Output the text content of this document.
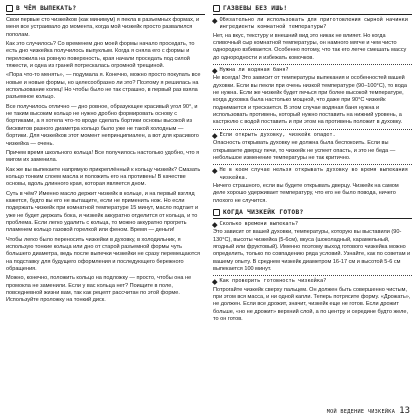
В ЧЁМ ВЫПЕКАТЬ?

Свои первые сто чизкейков (как минимум) я пекла в разъемных формах, и меня все устраивало до момента, когда мой чизкейк просто развалился пополам.

Как это случилось? Со временем дно моей формы начало проседать, то есть дно чизкейка получилось выпуклым. Когда я сняла его с формы и переложила на ровную поверхность, края начали проседать под силой тяжести, и одна из граней потрескалась огромной трещиной.

«Пора что-то менять», — подумала я. Конечно, можно просто покупать все новые и новые формы, но целесообразно ли это? Поэтому я решилась на использование колец! Но чтобы было не так страшно, в первый раз взяла разъемное кольцо.

Все получилось отлично — дно ровное, образующее красивый угол 90°, и не таким высоким кольцо не нужно дробно формировать основу с бортиками, а я хотела что-то вроде сделать бортики основы высокой из бисквитов разного диаметра кольцо было уже не такой холодным — бортики. Для чизкейков этот момент непринципиален, а вот для красивого чизкейка — очень.

Причем время школьного кольца! Все получилось настолько удобно, что я мигом их заменила.

Как же вы выпекаете напрямую прикреплённый к кольцу чизкейк? Смазать кольцо тонким слоем масла и положить его на противень! В качестве основы, вдоль длинного края, которая является дном.

Суть в чём? Именно масло держит чизкейк в кольце, и на первый взгляд кажется, будто вы его не вытащите, если не применить нож. Но если подержать чизкейк при комнатной температуре 15 минут, масло подтает и уже не будет держать бока, и чизкейк аккуратно отделится от кольца, и то проблема. Если легко удалить с кольца, то можно аккуратно прогреть пламенем кольцо газовой горелкой или феном. Время — деньги!

Чтобы легко было переносить чизкейки в духовку, в холодильник, я использую тонкие кольца или дно от старой разъемной формы чуть большего диаметра, ведь после выпечки чизкейки не сразу перемещаются на подставку для будущего оформления и последующего бережного обращения.

Можно, конечно, положить кольцо на подложку — просто, чтобы она не промокла не заменили. Если у вас кольца нет? Поищите в поле, повседневной жизни вам, так как рецепт рассчитан по этой форме. Используйте проложку на тонкий диск.

ГАЗВЕВЫ БЕЗ ИШЬ!
Обязательно ли использовать для приготовления сырной начинки ингредиенты комнатной температуры?

Нет, на вкус, текстуру и внешний вид это никак не влияет. Но когда сливочный сыр комнатной температуры, он намного мягче и чем чисто однородно взбивается. Особенно потому, что так его легче смешать массу до однородности и избежать комочков.

Нужна ли водяная баня?

Не всегда! Это зависит от температуры выпекания и особенностей вашей духовки. Если вы пекли при очень низкой температуре (90–100°С), то вода не нужна. Если же чизкейк будет печься при более высокой температуре, когда духовка была настолько мощной, что даже при 90°С чизкейк поднимается и трескается. В этом случае водяная баня нужна и использовать противень, который нужно поставить на нижний уровень, а кастрюлю с водой поставить и при этом на противень положит в духовку.

Если открыть духовку, чизкейк опадет.

Опасность открывать духовку не должна была беспокоить. Если вы открываете дверцу печи, то чизкейк не успеет опасть, и это не беда — небольшое изменение температуры не так критично.

Не в коем случае нельзя открывать духовку во время выпекания чизкейка.

Ничего страшного, если вы будете открывать дверцу. Чизкейк на самом деле хорошо удерживает температуру, что его не было повода, ничего плохого не случится.

КОГДА ЧИЗКЕЙК ГОТОВ?
Сколько времени выпекать?

Это зависит от вашей духовки, температуры, которую вы выставили (90-130°С), высоты чизкейка (5-6см), вкуса (шоколадный, карамельный, ягодный или фруктовый). Именно поэтому выход готового чизкейка можно определить, только по совпадению ряда условий. Узнайте, как по советам и вашему опыту. В среднем чизкейк диаметром 16-17 см и высотой 5-6 см выпекается 100 минут.

Как проверить готовность чизкейка?

Потрогайте чизкейк сверху пальцем. Он должен быть совершенно чистым, при этом вся масса, и ни одной капли. Теперь потрясите форму. «Дрожать», не должен. Если все дрожит, значит, чизкейк еще не готов. Если дрожит больше, «но не дрожит» верхний слой, а по центру и середине будто желе, то он готов.

МОЙ ВЕДЕНИЕ ЧИЗКЕЙКА 13
